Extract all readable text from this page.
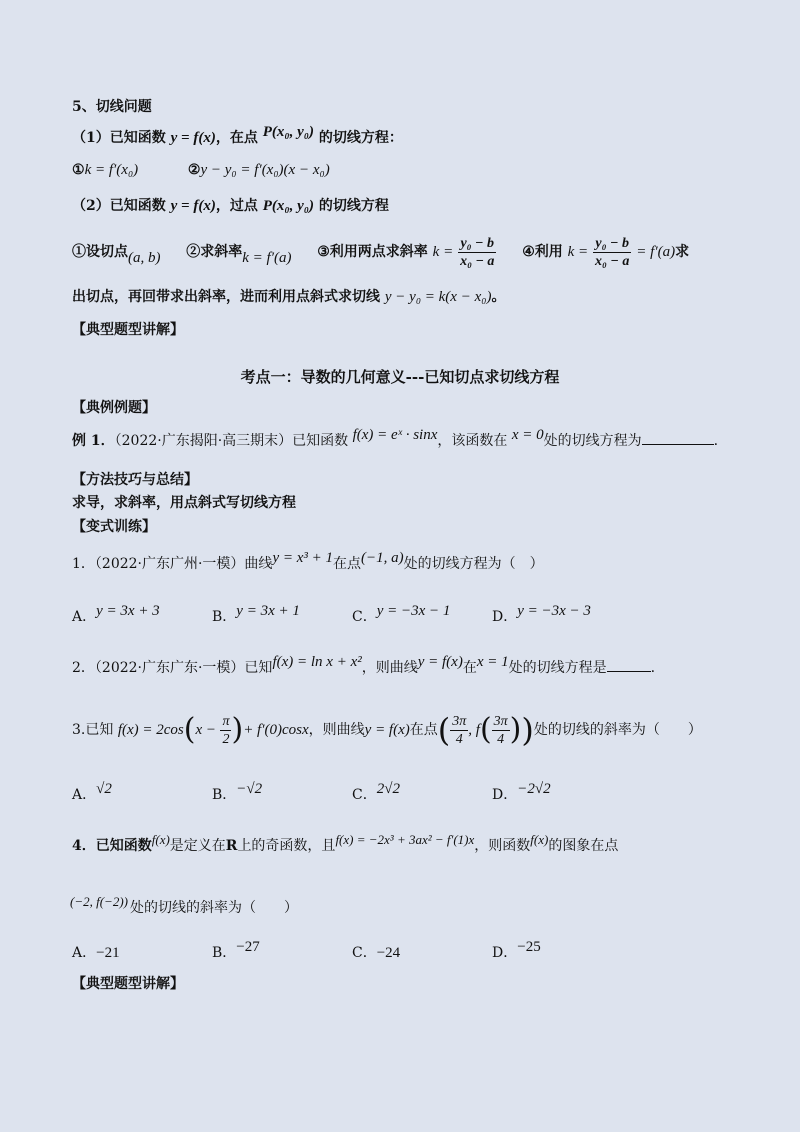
5、切线问题
（1）已知函数 y = f(x)，在点 P(x₀, y₀) 的切线方程：
①k = f′(x₀)	②y − y₀ = f′(x₀)(x − x₀)
（2）已知函数 y = f(x)，过点 P(x₀, y₀) 的切线方程
①设切点(a, b) ②求斜率k = f′(a) ③利用两点求斜率 $k = \frac{\text{y₀ − b}}{\text{x₀ − a}}$ ④利用 $k = \frac{\text{y₀ − b}}{\text{x₀ − a}} = f'(a)$求
出切点，再回带求出斜率，进而利用点斜式求切线 y − y₀ = k(x − x₀)。
【典型题型讲解】
考点一：导数的几何意义---已知切点求切线方程
【典例例题】
例 1．（2022·广东揭阳·高三期末）已知函数 f(x) = eˣ · sinx，该函数在 x = 0处的切线方程为	.
【方法技巧与总结】
求导，求斜率，用点斜式写切线方程
【变式训练】
1．（2022·广东广州·一模）曲线y = x³ + 1在点(−1, a)处的切线方程为（　）
A．y = 3x + 3	B．y = 3x + 1	C．y = −3x − 1	D．y = −3x − 3
2．（2022·广东广东·一模）已知f(x) = ln x + x²，则曲线y = f(x)在x = 1处的切线方程是	.
3.已知 $f(x) = 2\cos(x - \frac{\pi}{2}$ )+ f′(0)cosx，则曲线y = f(x)在点( $\frac{3\pi}{4}$ , $f( \frac{3\pi}{4}$ ))处的切线的斜率为（　　）
A．√2	B．−√2	C．2√2	D．−2√2
4．已知函数f(x)是定义在R上的奇函数，且f(x) = −2x³ + 3ax² − f′(1)x，则函数f(x)的图象在点
(−2, f(−2)) 处的切线的斜率为（　　）
A．−21	B．−27	C．−24	D．−25
【典型题型讲解】
